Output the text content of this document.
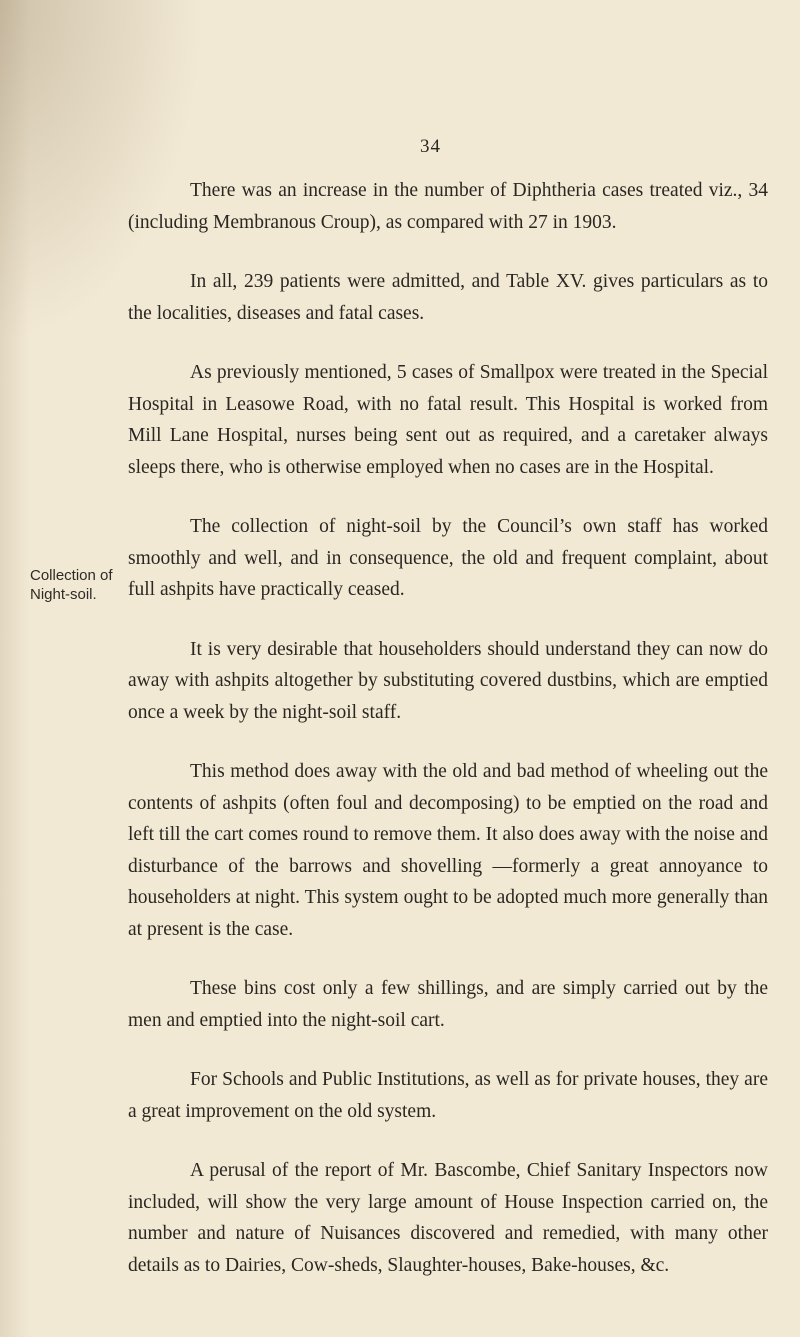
34
Collection of Night-soil.

There was an increase in the number of Diphtheria cases treated viz., 34 (including Membranous Croup), as compared with 27 in 1903.

In all, 239 patients were admitted, and Table XV. gives particulars as to the localities, diseases and fatal cases.

As previously mentioned, 5 cases of Smallpox were treated in the Special Hospital in Leasowe Road, with no fatal result. This Hospital is worked from Mill Lane Hospital, nurses being sent out as required, and a caretaker always sleeps there, who is otherwise employed when no cases are in the Hospital.

The collection of night-soil by the Council’s own staff has worked smoothly and well, and in consequence, the old and frequent complaint, about full ashpits have practically ceased.

It is very desirable that householders should understand they can now do away with ashpits altogether by substituting covered dustbins, which are emptied once a week by the night-soil staff.

This method does away with the old and bad method of wheeling out the contents of ashpits (often foul and decomposing) to be emptied on the road and left till the cart comes round to remove them. It also does away with the noise and disturbance of the barrows and shovelling —formerly a great annoyance to householders at night. This system ought to be adopted much more generally than at present is the case.

These bins cost only a few shillings, and are simply carried out by the men and emptied into the night-soil cart.

For Schools and Public Institutions, as well as for private houses, they are a great improvement on the old system.

A perusal of the report of Mr. Bascombe, Chief Sanitary Inspectors now included, will show the very large amount of House Inspection carried on, the number and nature of Nuisances discovered and remedied, with many other details as to Dairies, Cow-sheds, Slaughter-houses, Bake-houses, &c.
